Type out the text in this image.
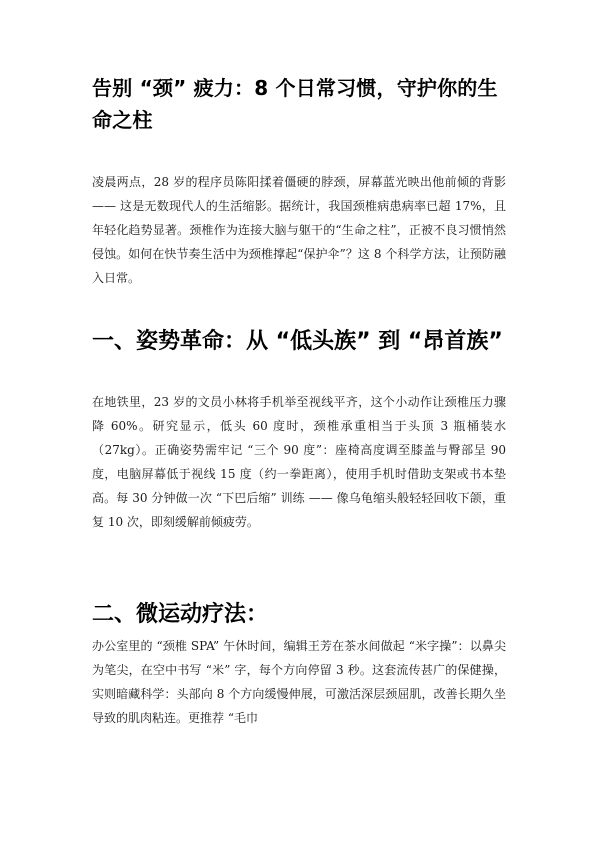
告别 “颈” 疲力：8 个日常习惯，守护你的生命之柱

凌晨两点，28 岁的程序员陈阳揉着僵硬的脖颈，屏幕蓝光映出他前倾的背影 —— 这是无数现代人的生活缩影。据统计，我国颈椎病患病率已超 17%，且年轻化趋势显著。颈椎作为连接大脑与躯干的“生命之柱”，正被不良习惯悄然侵蚀。如何在快节奏生活中为颈椎撑起“保护伞”？这 8 个科学方法，让预防融入日常。

一、姿势革命：从 “低头族” 到 “昂首族”

在地铁里，23 岁的文员小林将手机举至视线平齐，这个小动作让颈椎压力骤降 60%。研究显示，低头 60 度时，颈椎承重相当于头顶 3 瓶桶装水（27kg）。正确姿势需牢记 “三个 90 度”：座椅高度调至膝盖与臀部呈 90 度，电脑屏幕低于视线 15 度（约一拳距离），使用手机时借助支架或书本垫高。每 30 分钟做一次 “下巴后缩” 训练 —— 像乌龟缩头般轻轻回收下颌，重复 10 次，即刻缓解前倾疲劳。

二、微运动疗法：

办公室里的 “颈椎 SPA” 午休时间，编辑王芳在茶水间做起 “米字操”：以鼻尖为笔尖，在空中书写 “米” 字，每个方向停留 3 秒。这套流传甚广的保健操，实则暗藏科学：头部向 8 个方向缓慢伸展，可激活深层颈屈肌，改善长期久坐导致的肌肉粘连。更推荐 “毛巾
